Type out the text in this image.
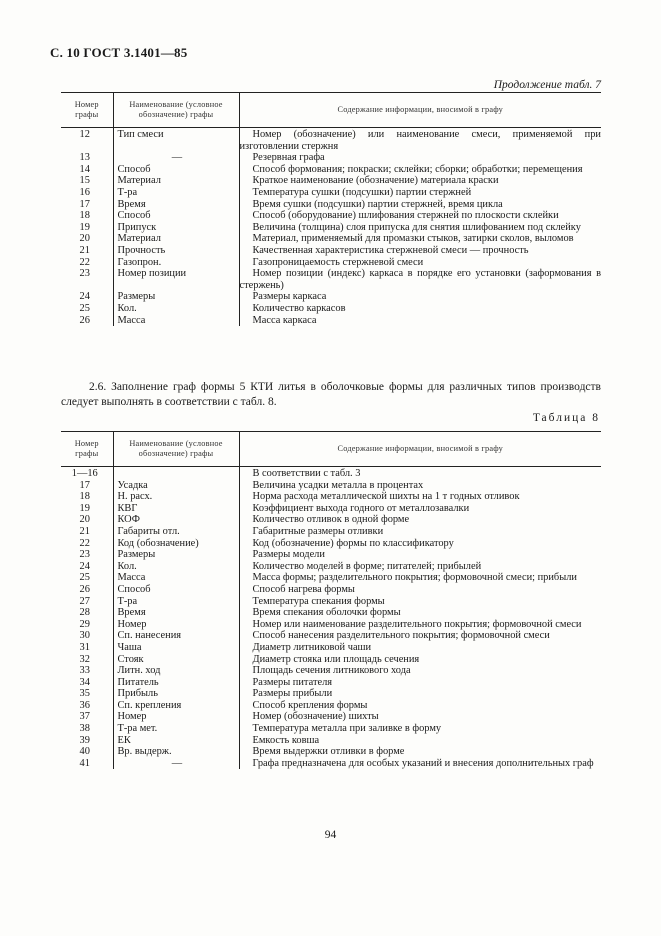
С. 10 ГОСТ 3.1401—85
Продолжение табл. 7
Номер графы	Наименование (условное обозначение) графы	Содержание информации, вносимой в графу
12	Тип смеси	Номер (обозначение) или наименование смеси, применяемой при изготовлении стержня

13	—	Резервная графа

14	Способ	Способ формования; покраски; склейки; сборки; обработки; перемещения

15	Материал	Краткое наименование (обозначение) материала краски

16	Т-ра	Температура сушки (подсушки) партии стержней

17	Время	Время сушки (подсушки) партии стержней, время цикла

18	Способ	Способ (оборудование) шлифования стержней по плоскости склейки

19	Припуск	Величина (толщина) слоя припуска для снятия шлифованием под склейку

20	Материал	Материал, применяемый для промазки стыков, затирки сколов, выломов

21	Прочность	Качественная характеристика стержневой смеси — прочность

22	Газопрон.	Газопроницаемость стержневой смеси

23	Номер позиции	Номер позиции (индекс) каркаса в порядке его установки (заформования в стержень)

24	Размеры	Размеры каркаса

25	Кол.	Количество каркасов

26	Масса	Масса каркаса
2.6. Заполнение граф формы 5 КТИ литья в оболочковые формы для различных типов производств следует выполнять в соответствии с табл. 8.
Таблица 8
Номер графы	Наименование (условное обозначение) графы	Содержание информации, вносимой в графу
1—16		В соответствии с табл. 3

17	Усадка	Величина усадки металла в процентах

18	Н. расх.	Норма расхода металлической шихты на 1 т годных отливок

19	КВГ	Коэффициент выхода годного от металлозавалки

20	КОФ	Количество отливок в одной форме

21	Габариты отл.	Габаритные размеры отливки

22	Код (обозначение)	Код (обозначение) формы по классификатору

23	Размеры	Размеры модели

24	Кол.	Количество моделей в форме; питателей; прибылей

25	Масса	Масса формы; разделительного покрытия; формовочной смеси; прибыли

26	Способ	Способ нагрева формы

27	Т-ра	Температура спекания формы

28	Время	Время спекания оболочки формы

29	Номер	Номер или наименование разделительного покрытия; формовочной смеси

30	Сп. нанесения	Способ нанесения разделительного покрытия; формовочной смеси

31	Чаша	Диаметр литниковой чаши

32	Стояк	Диаметр стояка или площадь сечения

33	Литн. ход	Площадь сечения литникового хода

34	Питатель	Размеры питателя

35	Прибыль	Размеры прибыли

36	Сп. крепления	Способ крепления формы

37	Номер	Номер (обозначение) шихты

38	Т-ра мет.	Температура металла при заливке в форму

39	ЕК	Емкость ковша

40	Вр. выдерж.	Время выдержки отливки в форме

41	—	Графа предназначена для особых указаний и внесения дополнительных граф
94
